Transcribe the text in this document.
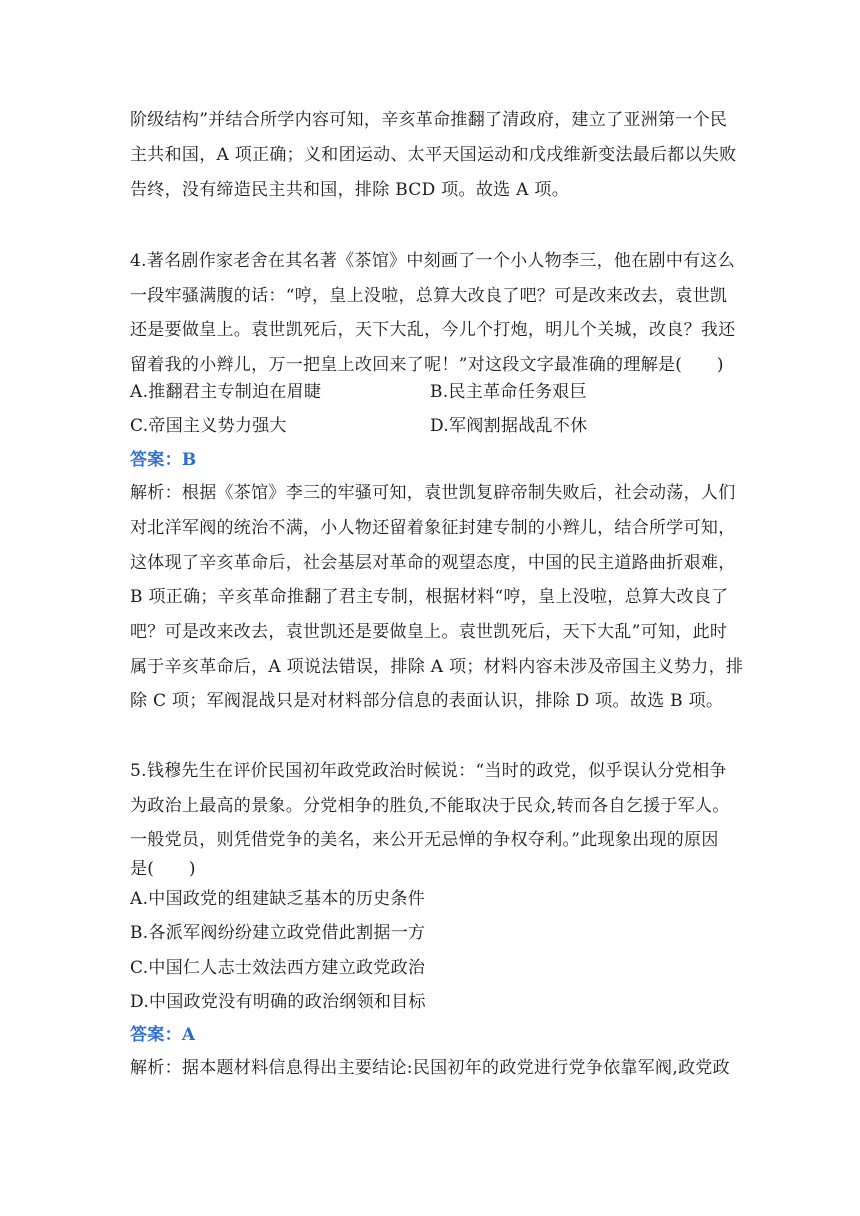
阶级结构”并结合所学内容可知，辛亥革命推翻了清政府，建立了亚洲第一个民
主共和国，A 项正确；义和团运动、太平天国运动和戊戌维新变法最后都以失败
告终，没有缔造民主共和国，排除 BCD 项。故选 A 项。
4.著名剧作家老舍在其名著《茶馆》中刻画了一个小人物李三，他在剧中有这么
一段牢骚满腹的话：“哼，皇上没啦，总算大改良了吧？可是改来改去，袁世凯
还是要做皇上。袁世凯死后，天下大乱，今儿个打炮，明儿个关城，改良？我还
留着我的小辫儿，万一把皇上改回来了呢！”对这段文字最准确的理解是(　　)
A.推翻君主专制迫在眉睫	B.民主革命任务艰巨
C.帝国主义势力强大	D.军阀割据战乱不休
答案：B
解析：根据《茶馆》李三的牢骚可知，袁世凯复辟帝制失败后，社会动荡，人们
对北洋军阀的统治不满，小人物还留着象征封建专制的小辫儿，结合所学可知，
这体现了辛亥革命后，社会基层对革命的观望态度，中国的民主道路曲折艰难，
B 项正确；辛亥革命推翻了君主专制，根据材料“哼，皇上没啦，总算大改良了
吧？可是改来改去，袁世凯还是要做皇上。袁世凯死后，天下大乱”可知，此时
属于辛亥革命后，A 项说法错误，排除 A 项；材料内容未涉及帝国主义势力，排
除 C 项；军阀混战只是对材料部分信息的表面认识，排除 D 项。故选 B 项。
5.钱穆先生在评价民国初年政党政治时候说：“当时的政党，似乎误认分党相争
为政治上最高的景象。分党相争的胜负,不能取决于民众,转而各自乞援于军人。
一般党员，则凭借党争的美名，来公开无忌惮的争权夺利。”此现象出现的原因
是(　　)
A.中国政党的组建缺乏基本的历史条件
B.各派军阀纷纷建立政党借此割据一方
C.中国仁人志士效法西方建立政党政治
D.中国政党没有明确的政治纲领和目标
答案：A
解析：据本题材料信息得出主要结论:民国初年的政党进行党争依靠军阀,政党政
